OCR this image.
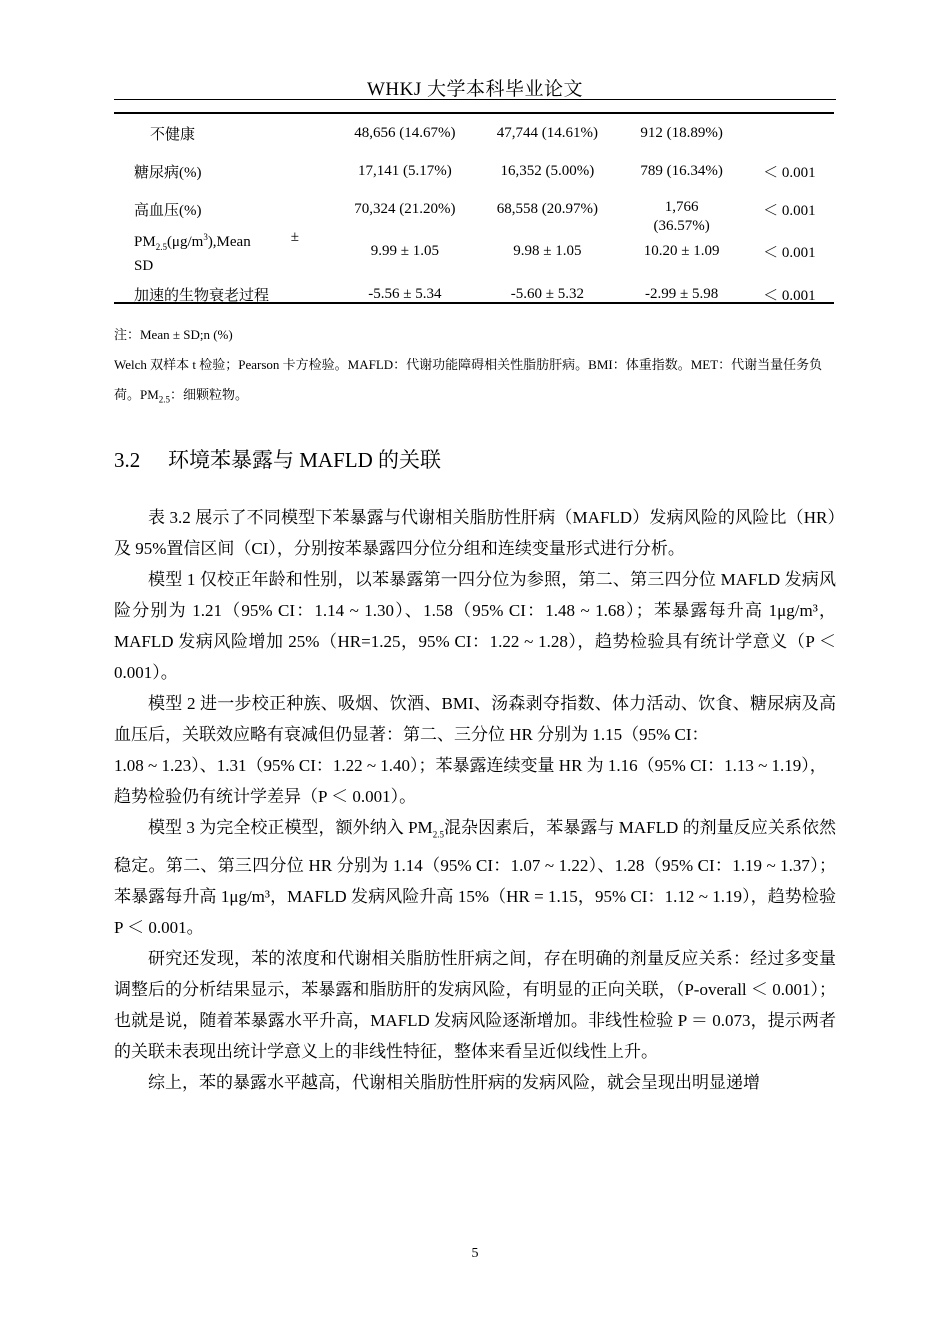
WHKJ 大学本科毕业论文
不健康	48,656 (14.67%)	47,744 (14.61%)	912 (18.89%)	
糖尿病(%)	17,141 (5.17%)	16,352 (5.00%)	789 (16.34%)	＜ 0.001
高血压(%)	70,324 (21.20%)	68,558 (20.97%)	1,766 (36.57%)	＜ 0.001

$PM_{2.5}(\mu g/m^3),Mean$ ±
SD	9.99 ± 1.05	9.98 ± 1.05	10.20 ± 1.09	＜ 0.001
加速的生物衰老过程	-5.56 ± 5.34	-5.60 ± 5.32	-2.99 ± 5.98	＜ 0.001

注：Mean ± SD;n (%)

Welch 双样本 t 检验；Pearson 卡方检验。MAFLD：代谢功能障碍相关性脂肪肝病。BMI：体重指数。MET：代谢当量任务负荷。$PM_{2.5}$：细颗粒物。

3.2 环境苯暴露与 MAFLD 的关联

表 3.2 展示了不同模型下苯暴露与代谢相关脂肪性肝病（MAFLD）发病风险的风险比（HR）及 95%置信区间（CI），分别按苯暴露四分位分组和连续变量形式进行分析。

模型 1 仅校正年龄和性别，以苯暴露第一四分位为参照，第二、第三四分位 MAFLD 发病风险分别为 1.21（95% CI：1.14 ~ 1.30）、1.58（95% CI：1.48 ~ 1.68）；苯暴露每升高 1μg/m³，MAFLD 发病风险增加 25%（HR=1.25，95% CI：1.22 ~ 1.28），趋势检验具有统计学意义（P ＜ 0.001）。

模型 2 进一步校正种族、吸烟、饮酒、BMI、汤森剥夺指数、体力活动、饮食、糖尿病及高血压后，关联效应略有衰减但仍显著：第二、三分位 HR 分别为 1.15（95% CI：

1.08 ~ 1.23）、1.31（95% CI：1.22 ~ 1.40）；苯暴露连续变量 HR 为 1.16（95% CI：1.13 ~ 1.19），

趋势检验仍有统计学差异（P ＜ 0.001）。

模型 3 为完全校正模型，额外纳入 $PM_{2.5}$混杂因素后，苯暴露与 MAFLD 的剂量反应关系依然稳定。第二、第三四分位 HR 分别为 1.14（95% CI：1.07 ~ 1.22）、1.28（95% CI：1.19 ~ 1.37）；苯暴露每升高 1μg/m³，MAFLD 发病风险升高 15%（HR = 1.15，95% CI：1.12 ~ 1.19），趋势检验 P ＜ 0.001。

研究还发现，苯的浓度和代谢相关脂肪性肝病之间，存在明确的剂量反应关系：经过多变量调整后的分析结果显示，苯暴露和脂肪肝的发病风险，有明显的正向关联，（P-overall ＜ 0.001）；也就是说，随着苯暴露水平升高，MAFLD 发病风险逐渐增加。非线性检验 P ＝ 0.073，提示两者的关联未表现出统计学意义上的非线性特征，整体来看呈近似线性上升。

综上，苯的暴露水平越高，代谢相关脂肪性肝病的发病风险，就会呈现出明显递增

5
